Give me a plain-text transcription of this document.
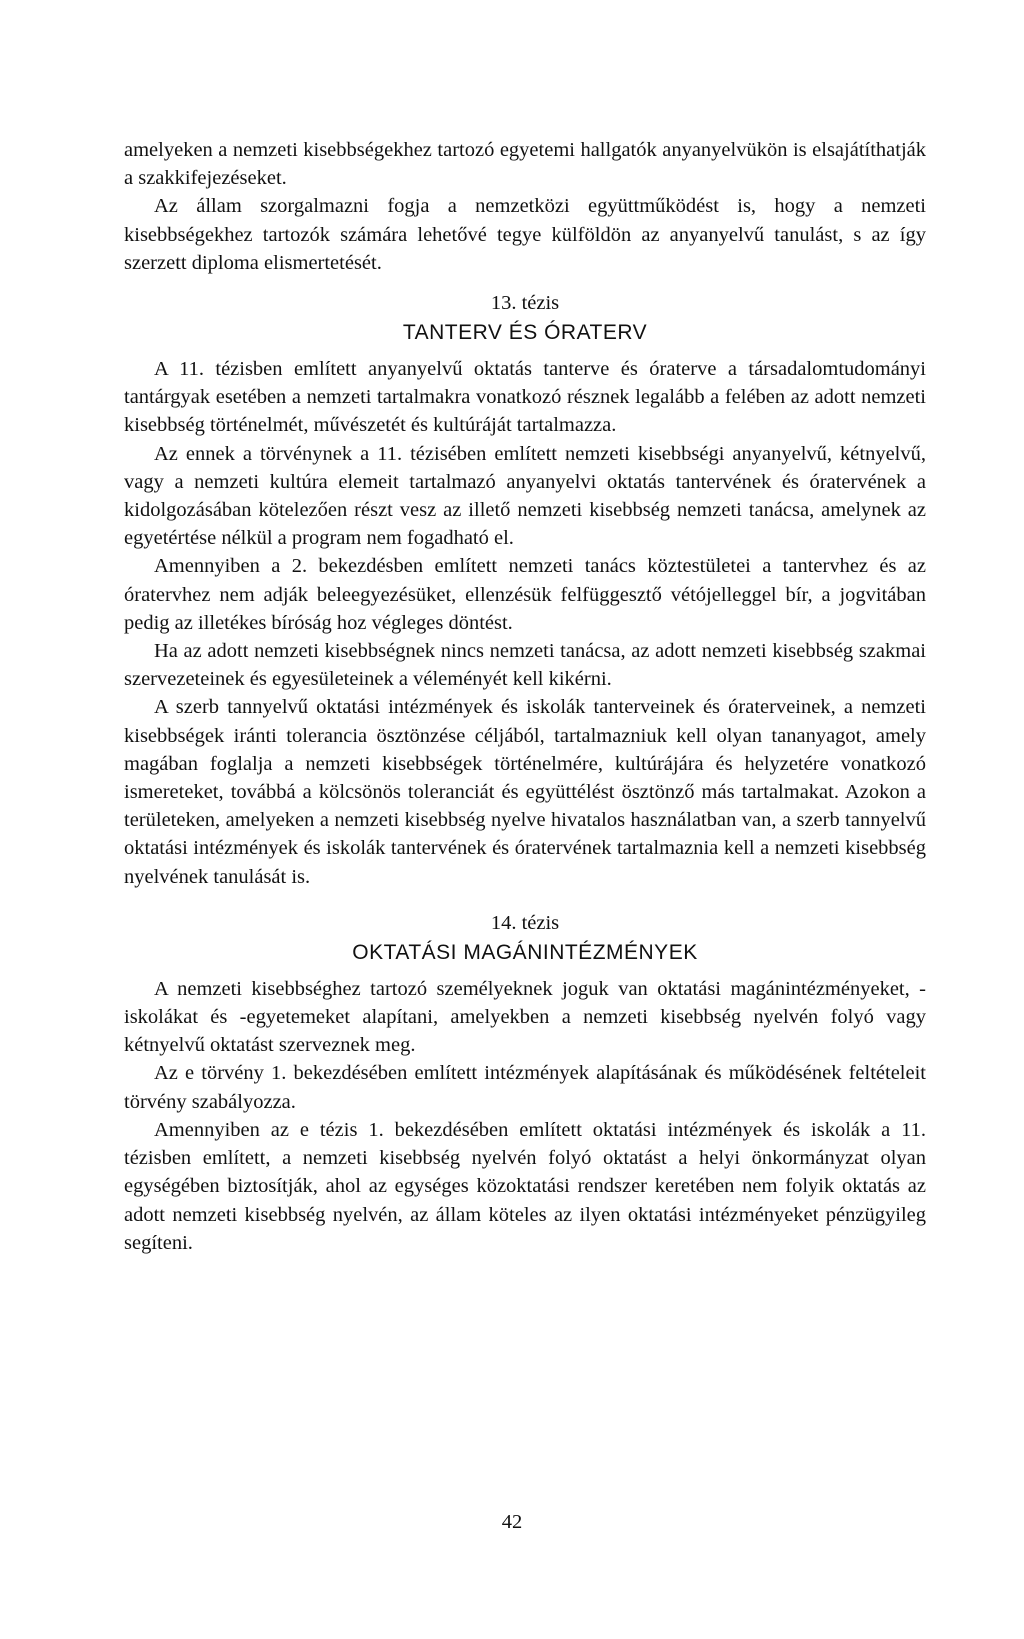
amelyeken a nemzeti kisebbségekhez tartozó egyetemi hallgatók anyanyelvükön is elsajátíthatják a szakkifejezéseket.

Az állam szorgalmazni fogja a nemzetközi együttműködést is, hogy a nemzeti kisebbségekhez tartozók számára lehetővé tegye külföldön az anyanyelvű tanulást, s az így szerzett diploma elismertetését.

13. tézis
TANTERV ÉS ÓRATERV

A 11. tézisben említett anyanyelvű oktatás tanterve és óraterve a társadalomtudományi tantárgyak esetében a nemzeti tartalmakra vonatkozó résznek legalább a felében az adott nemzeti kisebbség történelmét, művészetét és kultúráját tartalmazza.

Az ennek a törvénynek a 11. tézisében említett nemzeti kisebbségi anyanyelvű, kétnyelvű, vagy a nemzeti kultúra elemeit tartalmazó anyanyelvi oktatás tantervének és óratervének a kidolgozásában kötelezően részt vesz az illető nemzeti kisebbség nemzeti tanácsa, amelynek az egyetértése nélkül a program nem fogadható el.

Amennyiben a 2. bekezdésben említett nemzeti tanács köztestületei a tantervhez és az óratervhez nem adják beleegyezésüket, ellenzésük felfüggesztő vétójelleggel bír, a jogvitában pedig az illetékes bíróság hoz végleges döntést.

Ha az adott nemzeti kisebbségnek nincs nemzeti tanácsa, az adott nemzeti kisebbség szakmai szervezeteinek és egyesületeinek a véleményét kell kikérni.

A szerb tannyelvű oktatási intézmények és iskolák tanterveinek és óraterveinek, a nemzeti kisebbségek iránti tolerancia ösztönzése céljából, tartalmazniuk kell olyan tananyagot, amely magában foglalja a nemzeti kisebbségek történelmére, kultúrájára és helyzetére vonatkozó ismereteket, továbbá a kölcsönös toleranciát és együttélést ösztönző más tartalmakat. Azokon a területeken, amelyeken a nemzeti kisebbség nyelve hivatalos használatban van, a szerb tannyelvű oktatási intézmények és iskolák tantervének és óratervének tartalmaznia kell a nemzeti kisebbség nyelvének tanulását is.

14. tézis
OKTATÁSI MAGÁNINTÉZMÉNYEK

A nemzeti kisebbséghez tartozó személyeknek joguk van oktatási magánintézményeket, -iskolákat és -egyetemeket alapítani, amelyekben a nemzeti kisebbség nyelvén folyó vagy kétnyelvű oktatást szerveznek meg.

Az e törvény 1. bekezdésében említett intézmények alapításának és működésének feltételeit törvény szabályozza.

Amennyiben az e tézis 1. bekezdésében említett oktatási intézmények és iskolák a 11. tézisben említett, a nemzeti kisebbség nyelvén folyó oktatást a helyi önkormányzat olyan egységében biztosítják, ahol az egységes közoktatási rendszer keretében nem folyik oktatás az adott nemzeti kisebbség nyelvén, az állam köteles az ilyen oktatási intézményeket pénzügyileg segíteni.

42
